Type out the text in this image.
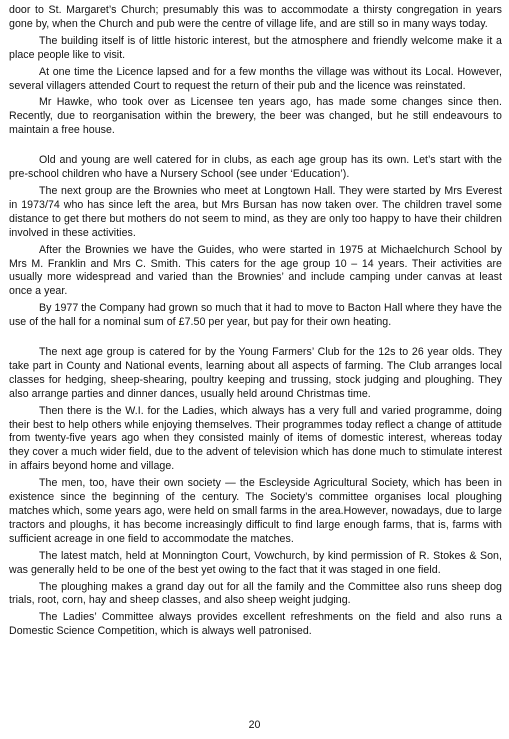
door to St. Margaret’s Church; presumably this was to accommodate a thirsty congregation in years gone by, when the Church and pub were the centre of village life, and are still so in many ways today.

The building itself is of little historic interest, but the atmosphere and friendly welcome make it a place people like to visit.

At one time the Licence lapsed and for a few months the village was without its Local. However, several villagers attended Court to request the return of their pub and the licence was reinstated.

Mr Hawke, who took over as Licensee ten years ago, has made some changes since then. Recently, due to reorganisation within the brewery, the beer was changed, but he still endeavours to maintain a free house.

Old and young are well catered for in clubs, as each age group has its own. Let’s start with the pre-school children who have a Nursery School (see under ‘Education’).

The next group are the Brownies who meet at Longtown Hall. They were started by Mrs Everest in 1973/74 who has since left the area, but Mrs Bursan has now taken over. The children travel some distance to get there but mothers do not seem to mind, as they are only too happy to have their children involved in these activities.

After the Brownies we have the Guides, who were started in 1975 at Michaelchurch School by Mrs M. Franklin and Mrs C. Smith. This caters for the age group 10 – 14 years. Their activities are usually more widespread and varied than the Brownies’ and include camping under canvas at least once a year.

By 1977 the Company had grown so much that it had to move to Bacton Hall where they have the use of the hall for a nominal sum of £7.50 per year, but pay for their own heating.

The next age group is catered for by the Young Farmers’ Club for the 12s to 26 year olds. They take part in County and National events, learning about all aspects of farming. The Club arranges local classes for hedging, sheep-shearing, poultry keeping and trussing, stock judging and ploughing. They also arrange parties and dinner dances, usually held around Christmas time.

Then there is the W.I. for the Ladies, which always has a very full and varied programme, doing their best to help others while enjoying themselves. Their programmes today reflect a change of attitude from twenty-five years ago when they consisted mainly of items of domestic interest, whereas today they cover a much wider field, due to the advent of television which has done much to stimulate interest in affairs beyond home and village.

The men, too, have their own society — the Escleyside Agricultural Society, which has been in existence since the beginning of the century. The Society’s committee organises local ploughing matches which, some years ago, were held on small farms in the area.However, nowadays, due to large tractors and ploughs, it has become increasingly difficult to find large enough farms, that is, farms with sufficient acreage in one field to accommodate the matches.

The latest match, held at Monnington Court, Vowchurch, by kind permission of R. Stokes & Son, was generally held to be one of the best yet owing to the fact that it was staged in one field.

The ploughing makes a grand day out for all the family and the Committee also runs sheep dog trials, root, corn, hay and sheep classes, and also sheep weight judging.

The Ladies’ Committee always provides excellent refreshments on the field and also runs a Domestic Science Competition, which is always well patronised.

20
